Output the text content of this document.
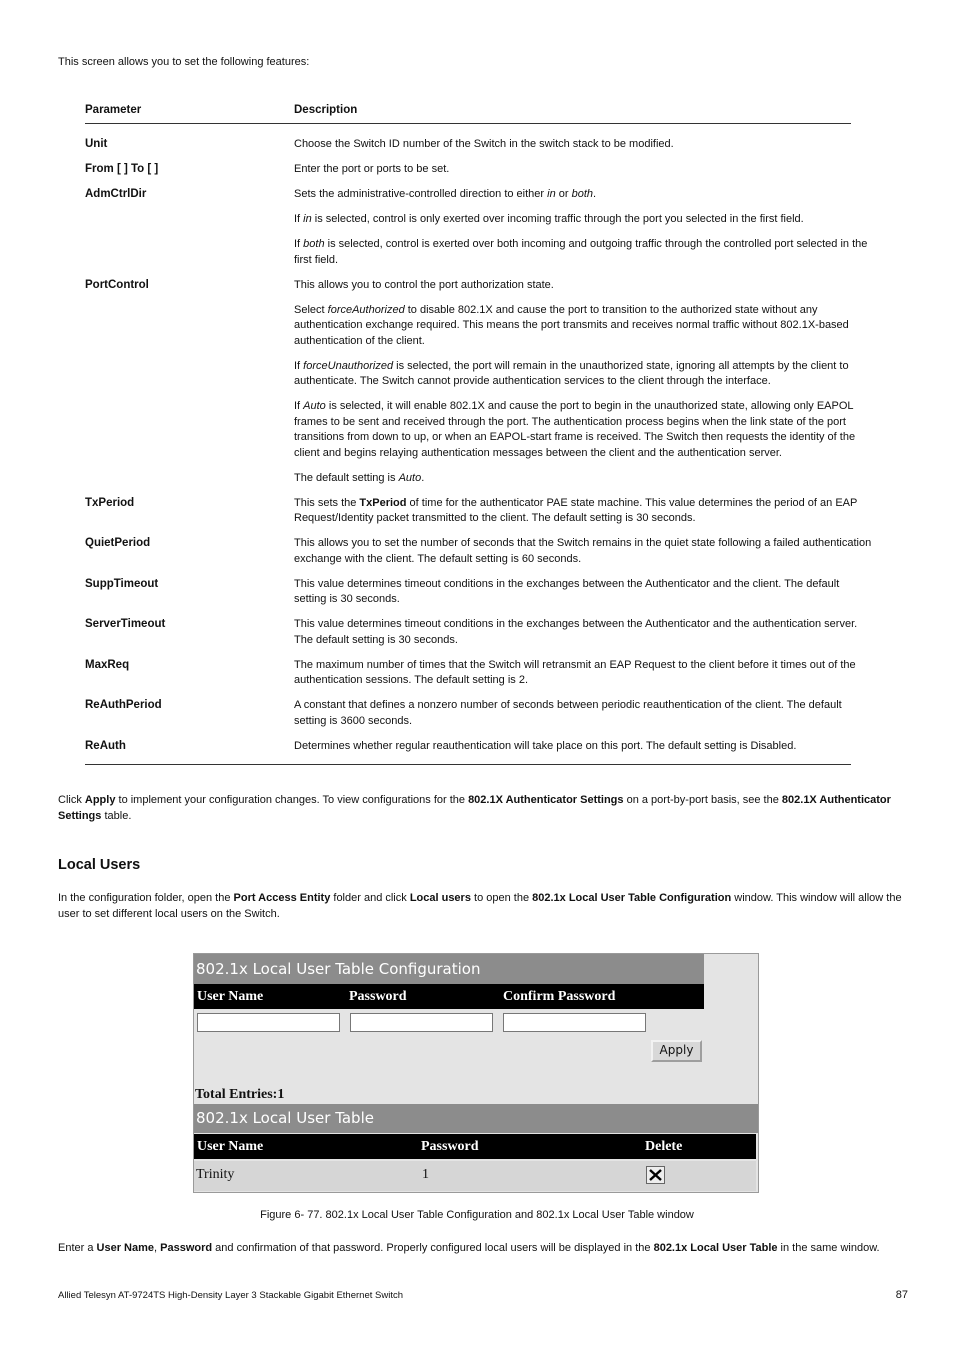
This screen allows you to set the following features:
Parameter	Description
Unit	Choose the Switch ID number of the Switch in the switch stack to be modified.

From [ ] To [ ]	Enter the port or ports to be set.

AdmCtrlDir	Sets the administrative-controlled direction to either in or both.

If in is selected, control is only exerted over incoming traffic through the port you selected in the first field.

If both is selected, control is exerted over both incoming and outgoing traffic through the controlled port selected in the first field.

PortControl	This allows you to control the port authorization state.

Select forceAuthorized to disable 802.1X and cause the port to transition to the authorized state without any authentication exchange required. This means the port transmits and receives normal traffic without 802.1X-based authentication of the client.

If forceUnauthorized is selected, the port will remain in the unauthorized state, ignoring all attempts by the client to authenticate. The Switch cannot provide authentication services to the client through the interface.

If Auto is selected, it will enable 802.1X and cause the port to begin in the unauthorized state, allowing only EAPOL frames to be sent and received through the port. The authentication process begins when the link state of the port transitions from down to up, or when an EAPOL-start frame is received. The Switch then requests the identity of the client and begins relaying authentication messages between the client and the authentication server.

The default setting is Auto.

TxPeriod	This sets the TxPeriod of time for the authenticator PAE state machine. This value determines the period of an EAP Request/Identity packet transmitted to the client. The default setting is 30 seconds.

QuietPeriod	This allows you to set the number of seconds that the Switch remains in the quiet state following a failed authentication exchange with the client. The default setting is 60 seconds.

SuppTimeout	This value determines timeout conditions in the exchanges between the Authenticator and the client. The default setting is 30 seconds.

ServerTimeout	This value determines timeout conditions in the exchanges between the Authenticator and the authentication server. The default setting is 30 seconds.

MaxReq	The maximum number of times that the Switch will retransmit an EAP Request to the client before it times out of the authentication sessions. The default setting is 2.

ReAuthPeriod	A constant that defines a nonzero number of seconds between periodic reauthentication of the client. The default setting is 3600 seconds.

ReAuth	Determines whether regular reauthentication will take place on this port. The default setting is Disabled.

Click Apply to implement your configuration changes. To view configurations for the 802.1X Authenticator Settings on a port-by-port basis, see the 802.1X Authenticator Settings table.
Local Users
In the configuration folder, open the Port Access Entity folder and click Local users to open the 802.1x Local User Table Configuration window. This window will allow the user to set different local users on the Switch.
802.1x Local User Table Configuration
User Name	Password	Confirm Password
Apply
Total Entries:1
802.1x Local User Table
User Name	Password	Delete
Trinity	1
Figure 6- 77. 802.1x Local User Table Configuration and 802.1x Local User Table window
Enter a User Name, Password and confirmation of that password. Properly configured local users will be displayed in the 802.1x Local User Table in the same window.
Allied Telesyn AT-9724TS High-Density Layer 3 Stackable Gigabit Ethernet Switch	87
